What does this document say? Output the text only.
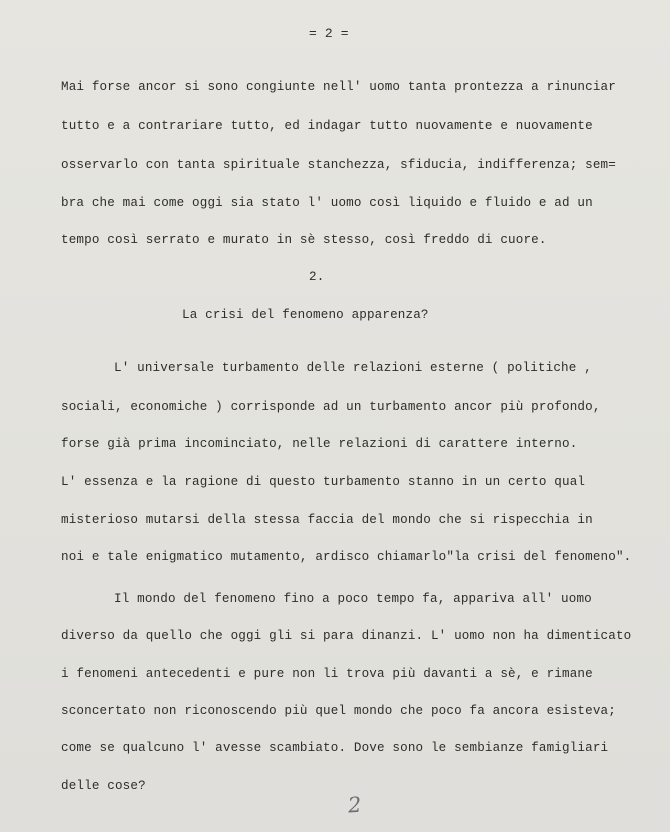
= 2 =
Mai forse ancor si sono congiunte nell' uomo tanta prontezza a rinunciar
tutto e a contrariare tutto, ed indagar tutto nuovamente e nuovamente
osservarlo con tanta spirituale stanchezza, sfiducia, indifferenza; sem=
bra che mai come oggi sia stato l' uomo così liquido e fluido e ad un
tempo così serrato e murato in sè stesso, così freddo di cuore.
2.
La crisi del fenomeno apparenza?
L' universale turbamento delle relazioni esterne ( politiche ,
sociali, economiche ) corrisponde ad un turbamento ancor più profondo,
forse già prima incominciato, nelle relazioni di carattere interno.
L' essenza e la ragione di questo turbamento stanno in un certo qual
misterioso mutarsi della stessa faccia del mondo che si rispecchia in
noi e tale enigmatico mutamento, ardisco chiamarlo"la crisi del fenomeno".
Il mondo del fenomeno fino a poco tempo fa, appariva all' uomo
diverso da quello che oggi gli si para dinanzi. L' uomo non ha dimenticato
i fenomeni antecedenti e pure non li trova più davanti a sè, e rimane
sconcertato non riconoscendo più quel mondo che poco fa ancora esisteva;
come se qualcuno l' avesse scambiato. Dove sono le sembianze famigliari
delle cose?
2
